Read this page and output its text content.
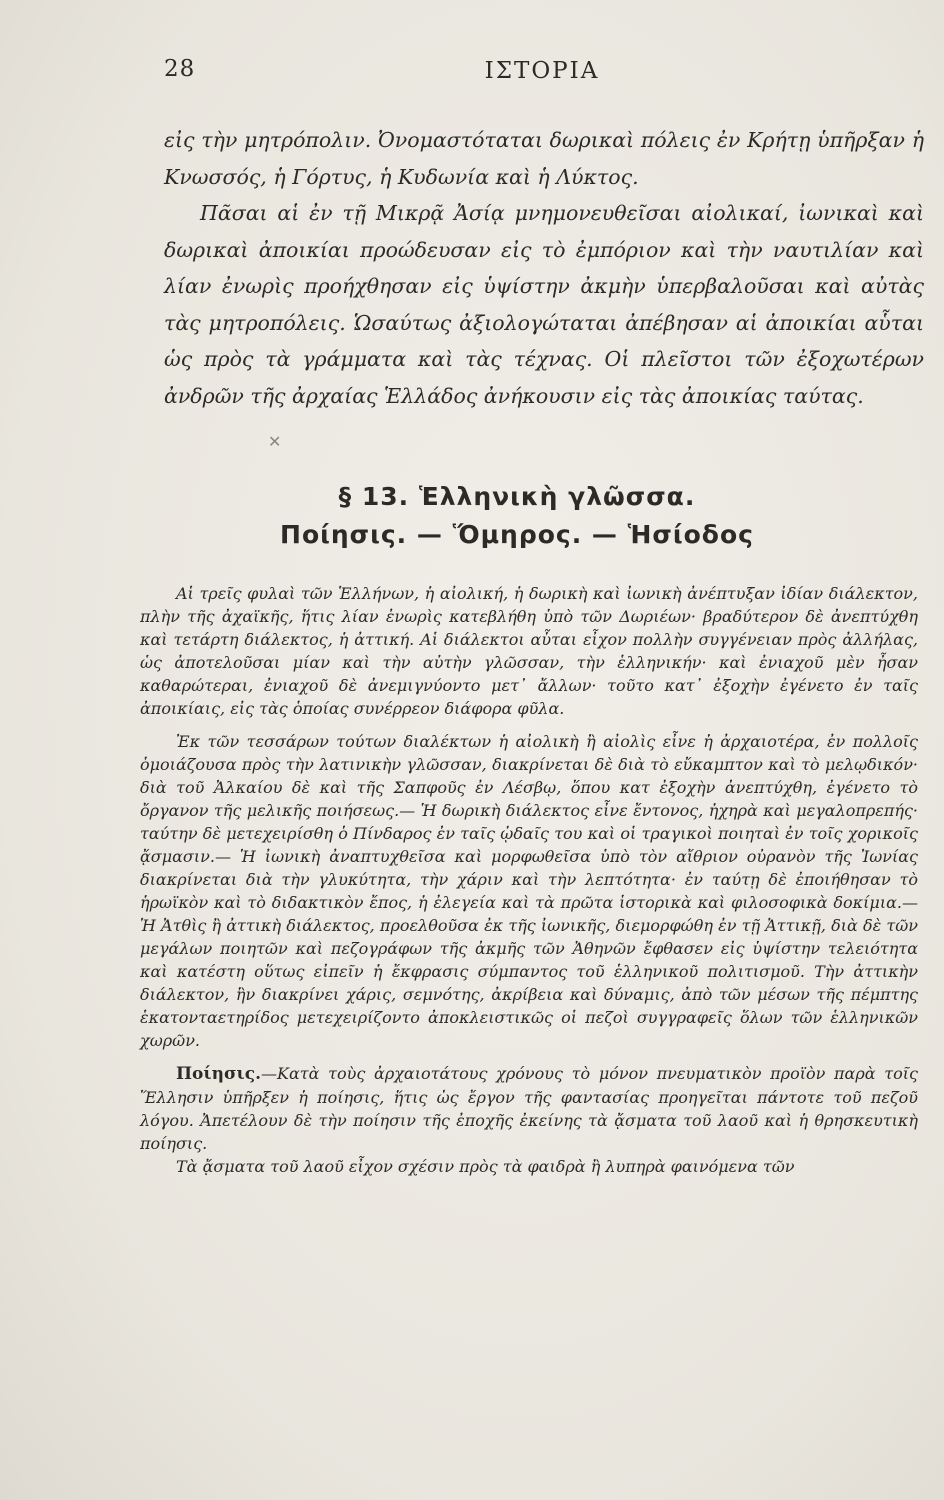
28	ΙΣΤΟΡΙΑ

εἰς τὴν μητρόπολιν. Ὀνομαστόταται δωρικαὶ πόλεις ἐν Κρήτῃ ὑπῆρξαν ἡ Κνωσσός, ἡ Γόρτυς, ἡ Κυδωνία καὶ ἡ Λύκτος.

Πᾶσαι αἱ ἐν τῇ Μικρᾷ Ἀσίᾳ μνημονευθεῖσαι αἰολικαί, ἰωνικαὶ καὶ δωρικαὶ ἀποικίαι προώδευσαν εἰς τὸ ἐμπόριον καὶ τὴν ναυτιλίαν καὶ λίαν ἐνωρὶς προήχθησαν εἰς ὑψίστην ἀκμὴν ὑπερβαλοῦσαι καὶ αὐτὰς τὰς μητροπόλεις. Ὡσαύτως ἀξιολογώταται ἀπέβησαν αἱ ἀποικίαι αὗται ὡς πρὸς τὰ γράμματα καὶ τὰς τέχνας. Οἱ πλεῖστοι τῶν ἐξοχωτέρων ἀνδρῶν τῆς ἀρχαίας Ἑλλάδος ἀνήκουσιν εἰς τὰς ἀποικίας ταύτας.

✕
§ 13. Ἑλληνικὴ γλῶσσα.
Ποίησις. — Ὅμηρος. — Ἡσίοδος

Αἱ τρεῖς φυλαὶ τῶν Ἑλλήνων, ἡ αἰολική, ἡ δωρικὴ καὶ ἰωνικὴ ἀνέπτυξαν ἰδίαν διάλεκτον, πλὴν τῆς ἀχαϊκῆς, ἥτις λίαν ἐνωρὶς κατεβλήθη ὑπὸ τῶν Δωριέων· βραδύτερον δὲ ἀνεπτύχθη καὶ τετάρτη διάλεκτος, ἡ ἀττική. Αἱ διάλεκτοι αὗται εἶχον πολλὴν συγγένειαν πρὸς ἀλλήλας, ὡς ἀποτελοῦσαι μίαν καὶ τὴν αὐτὴν γλῶσσαν, τὴν ἑλληνικήν· καὶ ἐνιαχοῦ μὲν ἦσαν καθαρώτεραι, ἐνιαχοῦ δὲ ἀνεμιγνύοντο μετ᾽ ἄλλων· τοῦτο κατ᾽ ἐξοχὴν ἐγένετο ἐν ταῖς ἀποικίαις, εἰς τὰς ὁποίας συνέρρεον διάφορα φῦλα.

Ἐκ τῶν τεσσάρων τούτων διαλέκτων ἡ αἰολικὴ ἢ αἰολὶς εἶνε ἡ ἀρχαιοτέρα, ἐν πολλοῖς ὁμοιάζουσα πρὸς τὴν λατινικὴν γλῶσσαν, διακρίνεται δὲ διὰ τὸ εὔκαμπτον καὶ τὸ μελῳδικόν· διὰ τοῦ Ἀλκαίου δὲ καὶ τῆς Σαπφοῦς ἐν Λέσβῳ, ὅπου κατ ἐξοχὴν ἀνεπτύχθη, ἐγένετο τὸ ὄργανον τῆς μελικῆς ποιήσεως.— Ἡ δωρικὴ διάλεκτος εἶνε ἔντονος, ἠχηρὰ καὶ μεγαλοπρεπής· ταύτην δὲ μετεχειρίσθη ὁ Πίνδαρος ἐν ταῖς ᾠδαῖς του καὶ οἱ τραγικοὶ ποιηταὶ ἐν τοῖς χορικοῖς ᾄσμασιν.— Ἡ ἰωνικὴ ἀναπτυχθεῖσα καὶ μορφωθεῖσα ὑπὸ τὸν αἴθριον οὐρανὸν τῆς Ἰωνίας διακρίνεται διὰ τὴν γλυκύτητα, τὴν χάριν καὶ τὴν λεπτότητα· ἐν ταύτῃ δὲ ἐποιήθησαν τὸ ἡρωϊκὸν καὶ τὸ διδακτικὸν ἔπος, ἡ ἐλεγεία καὶ τὰ πρῶτα ἱστορικὰ καὶ φιλοσοφικὰ δοκίμια.— Ἡ Ἀτθὶς ἢ ἀττικὴ διάλεκτος, προελθοῦσα ἐκ τῆς ἰωνικῆς, διεμορφώθη ἐν τῇ Ἀττικῇ, διὰ δὲ τῶν μεγάλων ποιητῶν καὶ πεζογράφων τῆς ἀκμῆς τῶν Ἀθηνῶν ἔφθασεν εἰς ὑψίστην τελειότητα καὶ κατέστη οὕτως εἰπεῖν ἡ ἔκφρασις σύμπαντος τοῦ ἑλληνικοῦ πολιτισμοῦ. Τὴν ἀττικὴν διάλεκτον, ἣν διακρίνει χάρις, σεμνότης, ἀκρίβεια καὶ δύναμις, ἀπὸ τῶν μέσων τῆς πέμπτης ἑκατονταετηρίδος μετεχειρίζοντο ἀποκλειστικῶς οἱ πεζοὶ συγγραφεῖς ὅλων τῶν ἑλληνικῶν χωρῶν.

Ποίησις.—Κατὰ τοὺς ἀρχαιοτάτους χρόνους τὸ μόνον πνευματικὸν προϊὸν παρὰ τοῖς Ἕλλησιν ὑπῆρξεν ἡ ποίησις, ἥτις ὡς ἔργον τῆς φαντασίας προηγεῖται πάντοτε τοῦ πεζοῦ λόγου. Ἀπετέλουν δὲ τὴν ποίησιν τῆς ἐποχῆς ἐκείνης τὰ ᾄσματα τοῦ λαοῦ καὶ ἡ θρησκευτικὴ ποίησις.

Τὰ ᾄσματα τοῦ λαοῦ εἶχον σχέσιν πρὸς τὰ φαιδρὰ ἢ λυπηρὰ φαινόμενα τῶν
